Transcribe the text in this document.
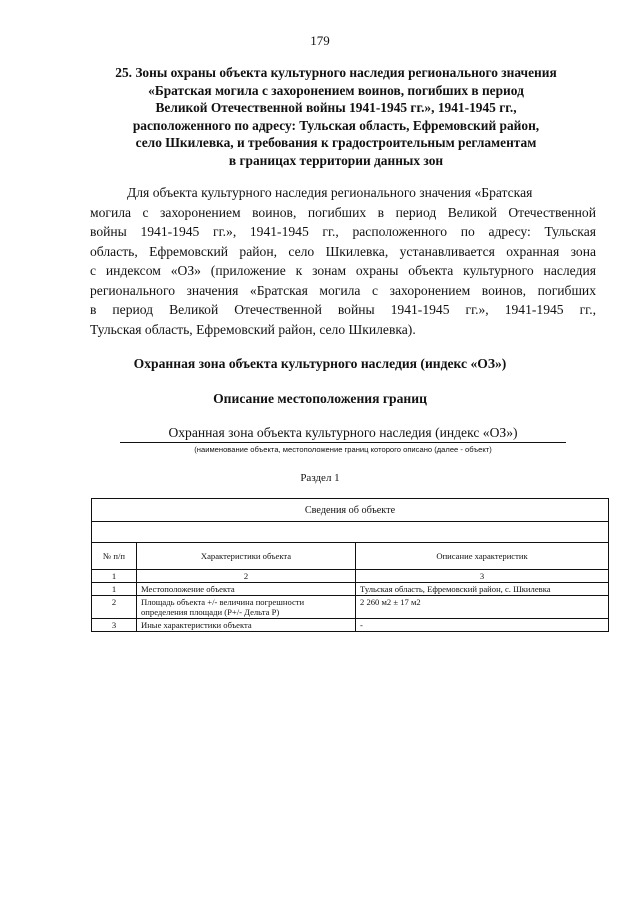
179
25. Зоны охраны объекта культурного наследия регионального значения
«Братская могила с захоронением воинов, погибших в период
Великой Отечественной войны 1941-1945 гг.», 1941-1945 гг.,
расположенного по адресу: Тульская область, Ефремовский район,
село Шкилевка, и требования к градостроительным регламентам
в границах территории данных зон
Для объекта культурного наследия регионального значения «Братская
могила с захоронением воинов, погибших в период Великой Отечественной
войны 1941-1945 гг.», 1941-1945 гг., расположенного по адресу: Тульская
область, Ефремовский район, село Шкилевка, устанавливается охранная зона
с индексом «ОЗ» (приложение к зонам охраны объекта культурного наследия
регионального значения «Братская могила с захоронением воинов, погибших
в период Великой Отечественной войны 1941-1945 гг.», 1941-1945 гг.,
Тульская область, Ефремовский район, село Шкилевка).
Охранная зона объекта культурного наследия (индекс «ОЗ»)
Описание местоположения границ
Охранная зона объекта культурного наследия (индекс «ОЗ»)
(наименование объекта, местоположение границ которого описано (далее - объект)
Раздел 1
Сведения об объекте		

№ п/п	Характеристики объекта	Описание характеристик
1	2	3
1	Местоположение объекта	Тульская область, Ефремовский район, с. Шкилевка
2	Площадь объекта +/- величина погрешности определения площади (P+/- Дельта P)	2 260 м2 ± 17 м2
3	Иные характеристики объекта	-
